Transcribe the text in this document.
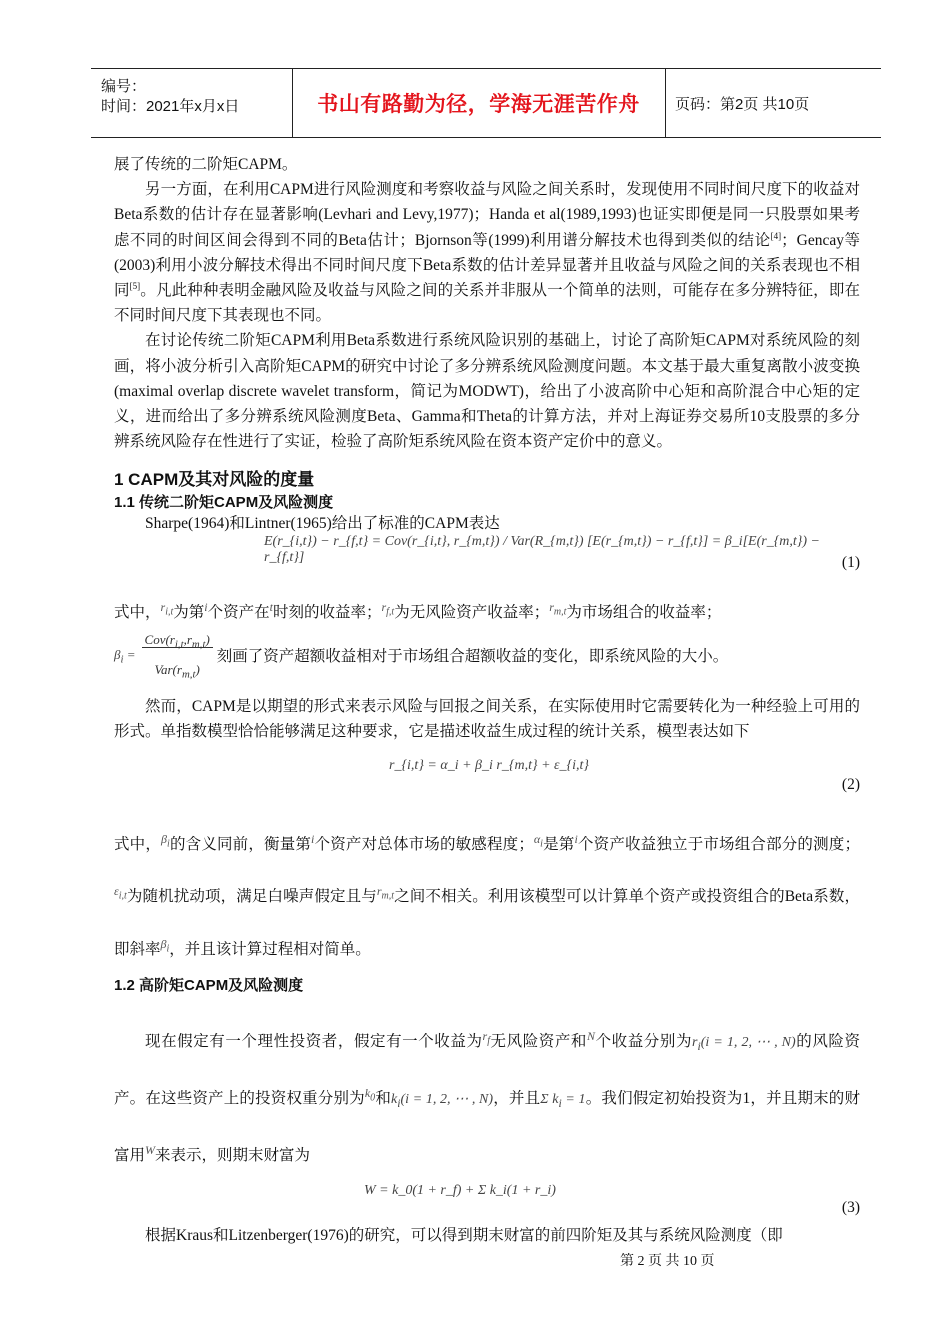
编号：
时间：2021年x月x日	书山有路勤为径，学海无涯苦作舟 页码：第2页 共10页

展了传统的二阶矩CAPM。

另一方面，在利用CAPM进行风险测度和考察收益与风险之间关系时，发现使用不同时间尺度下的收益对Beta系数的估计存在显著影响(Levhari and Levy,1977)；Handa et al(1989,1993)也证实即便是同一只股票如果考虑不同的时间区间会得到不同的Beta估计；Bjornson等(1999)利用谱分解技术也得到类似的结论[4]；Gencay等(2003)利用小波分解技术得出不同时间尺度下Beta系数的估计差异显著并且收益与风险之间的关系表现也不相同[5]。凡此种种表明金融风险及收益与风险之间的关系并非服从一个简单的法则，可能存在多分辨特征，即在不同时间尺度下其表现也不同。

在讨论传统二阶矩CAPM利用Beta系数进行系统风险识别的基础上，讨论了高阶矩CAPM对系统风险的刻画，将小波分析引入高阶矩CAPM的研究中讨论了多分辨系统风险测度问题。本文基于最大重复离散小波变换(maximal overlap discrete wavelet transform，简记为MODWT)，给出了小波高阶中心矩和高阶混合中心矩的定义，进而给出了多分辨系统风险测度Beta、Gamma和Theta的计算方法，并对上海证券交易所10支股票的多分辨系统风险存在性进行了实证，检验了高阶矩系统风险在资本资产定价中的意义。

1 CAPM及其对风险的度量
1.1 传统二阶矩CAPM及风险测度

Sharpe(1964)和Lintner(1965)给出了标准的CAPM表达

E(r_{i,t}) − r_{f,t} = Cov(r_{i,t}, r_{m,t}) / Var(R_{m,t}) [E(r_{m,t}) − r_{f,t}] = β_i[E(r_{m,t}) − r_{f,t}]	(1)

式中，$^{r_{i,t}}$为第$^i$个资产在$^t$时刻的收益率；$^{r_{f,t}}$为无风险资产收益率；$^{r_{m,t}}$为市场组合的收益率；
$\beta_i = \frac{Cov(r_{i,t},r_{m,t})}{Var(r_{m,t})}$ 刻画了资产超额收益相对于市场组合超额收益的变化，即系统风险的大小。

然而，CAPM是以期望的形式来表示风险与回报之间关系，在实际使用时它需要转化为一种经验上可用的形式。单指数模型恰恰能够满足这种要求，它是描述收益生成过程的统计关系，模型表达如下

r_{i,t} = α_i + β_i r_{m,t} + ε_{i,t}
(2)

式中，$^{\beta_i}$的含义同前，衡量第$^i$个资产对总体市场的敏感程度；$^{\alpha_i}$是第$^i$个资产收益独立于市场组合部分的测度；$^{\varepsilon_{i,t}}$为随机扰动项，满足白噪声假定且与$^{r_{m,t}}$之间不相关。利用该模型可以计算单个资产或投资组合的Beta系数，即斜率$^{\beta_i}$，并且该计算过程相对简单。

1.2 高阶矩CAPM及风险测度

现在假定有一个理性投资者，假定有一个收益为$^{r_f}$无风险资产和$^N$个收益分别为$r_i(i = 1$, 2, ⋯ , N)的风险资产。在这些资产上的投资权重分别为$^{k_0}$和$k_i(i = 1$, 2, ⋯ , N)，并且Σ $k_i = 1$。我们假定初始投资为1，并且期末的财富用$^W$来表示，则期末财富为

W = k_0(1 + r_f) + Σ k_i(1 + r_i)
(3)

根据Kraus和Litzenberger(1976)的研究，可以得到期末财富的前四阶矩及其与系统风险测度（即

第 2 页 共 10 页
